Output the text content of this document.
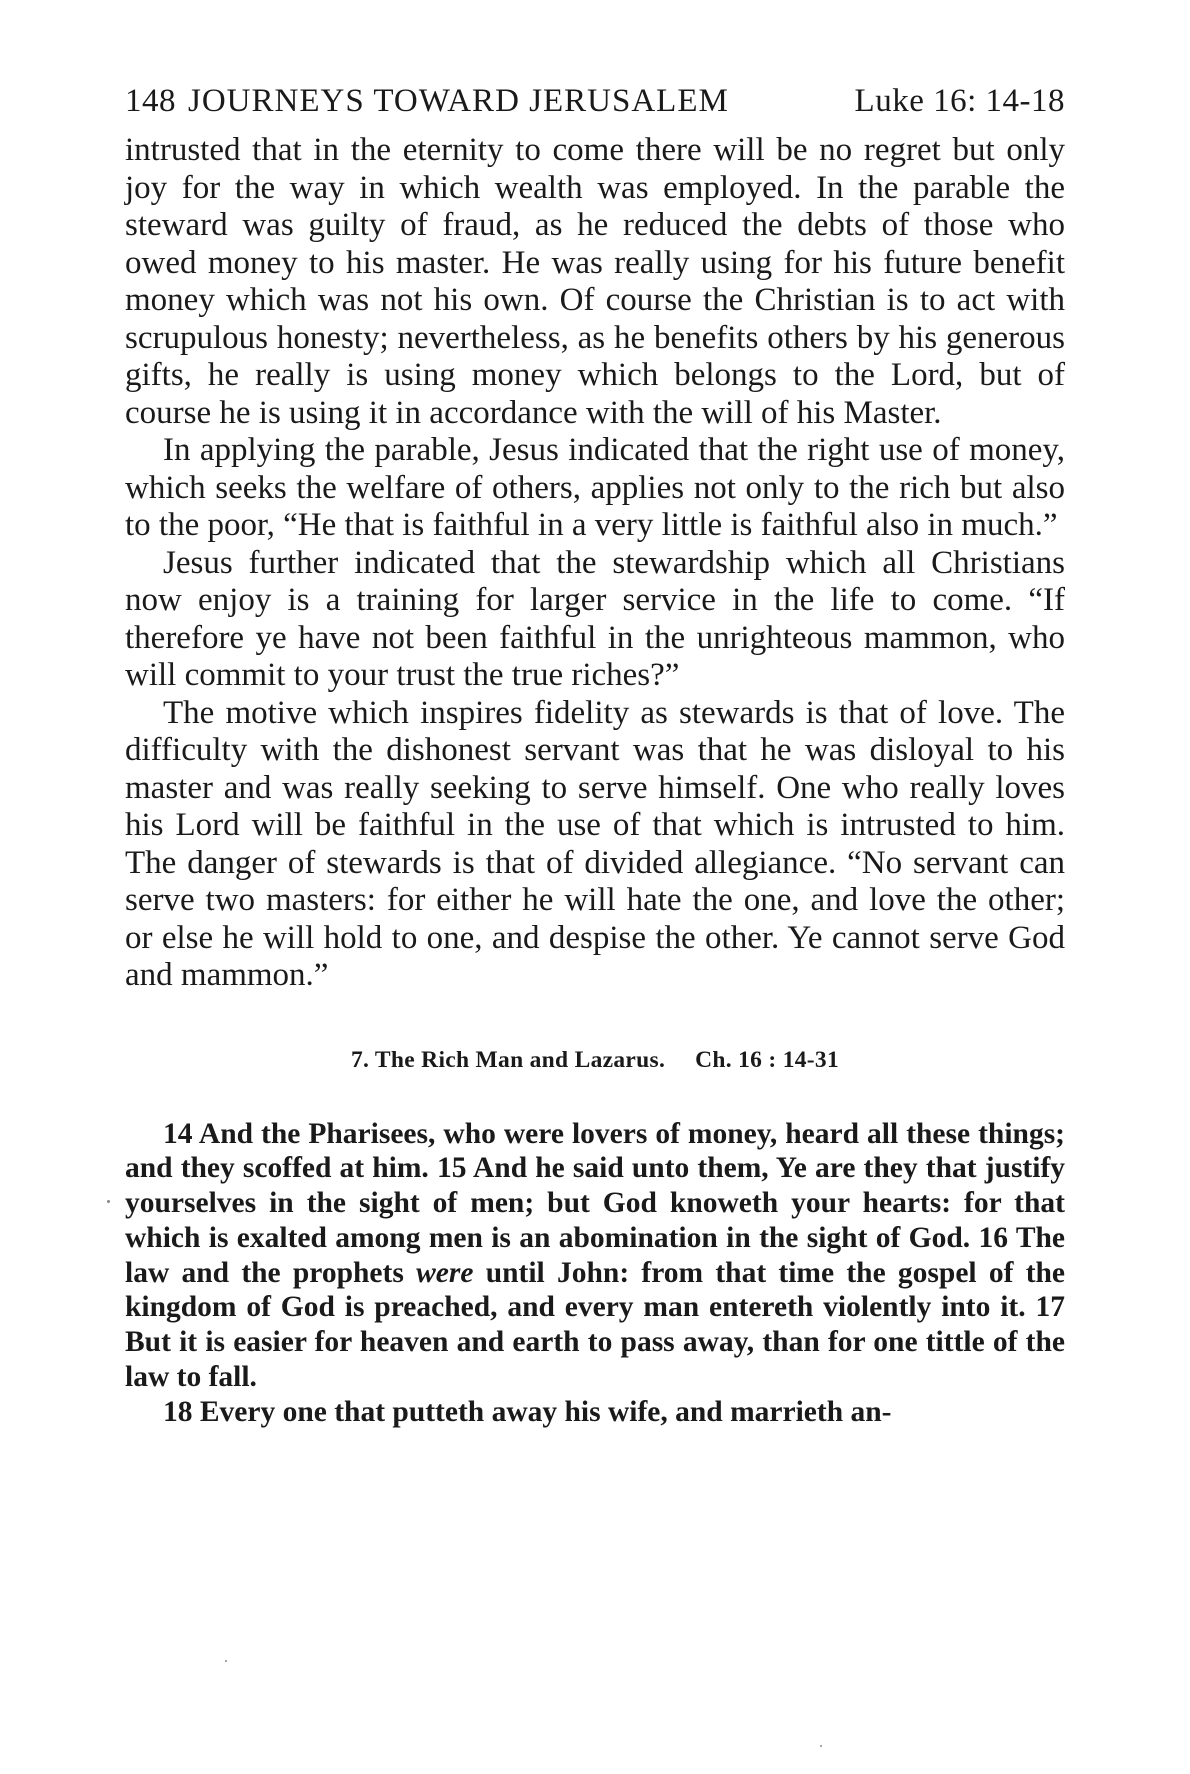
148 JOURNEYS TOWARD JERUSALEM	Luke 16: 14-18

intrusted that in the eternity to come there will be no regret but only joy for the way in which wealth was employed. In the parable the steward was guilty of fraud, as he reduced the debts of those who owed money to his master. He was really using for his future benefit money which was not his own. Of course the Christian is to act with scrupulous honesty; nevertheless, as he benefits others by his generous gifts, he really is using money which belongs to the Lord, but of course he is using it in accordance with the will of his Master.

In applying the parable, Jesus indicated that the right use of money, which seeks the welfare of others, applies not only to the rich but also to the poor, “He that is faithful in a very little is faithful also in much.”

Jesus further indicated that the stewardship which all Christians now enjoy is a training for larger service in the life to come. “If therefore ye have not been faithful in the unrighteous mammon, who will commit to your trust the true riches?”

The motive which inspires fidelity as stewards is that of love. The difficulty with the dishonest servant was that he was disloyal to his master and was really seeking to serve himself. One who really loves his Lord will be faithful in the use of that which is intrusted to him. The danger of stewards is that of divided allegiance. “No servant can serve two masters: for either he will hate the one, and love the other; or else he will hold to one, and despise the other. Ye cannot serve God and mammon.”

7. The Rich Man and Lazarus. Ch. 16 : 14-31

14 And the Pharisees, who were lovers of money, heard all these things; and they scoffed at him. 15 And he said unto them, Ye are they that justify yourselves in the sight of men; but God knoweth your hearts: for that which is exalted among men is an abomination in the sight of God. 16 The law and the prophets were until John: from that time the gospel of the kingdom of God is preached, and every man entereth violently into it. 17 But it is easier for heaven and earth to pass away, than for one tittle of the law to fall.

18 Every one that putteth away his wife, and marrieth an-
